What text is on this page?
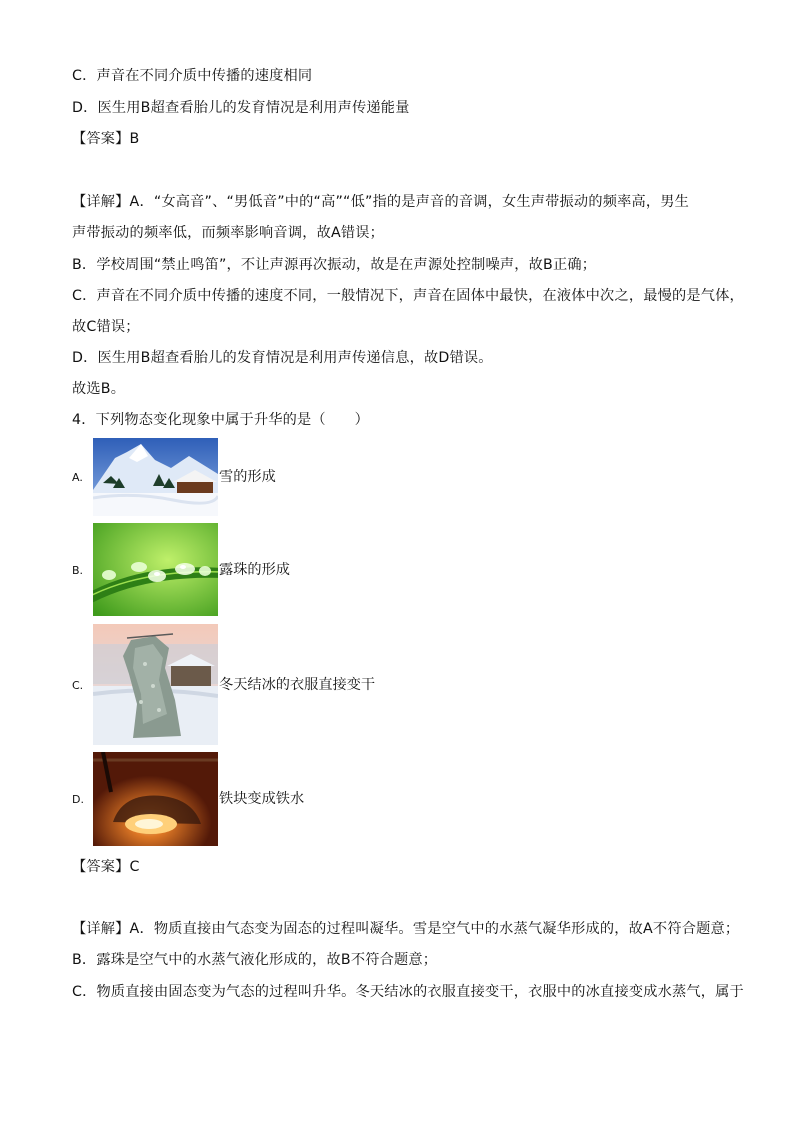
C．声音在不同介质中传播的速度相同
D．医生用B超查看胎儿的发育情况是利用声传递能量
【答案】B
【详解】A．“女高音”、“男低音”中的“高”“低”指的是声音的音调，女生声带振动的频率高，男生
声带振动的频率低，而频率影响音调，故A错误；
B．学校周围“禁止鸣笛”，不让声源再次振动，故是在声源处控制噪声，故B正确；
C．声音在不同介质中传播的速度不同，一般情况下，声音在固体中最快，在液体中次之，最慢的是气体，
故C错误；
D．医生用B超查看胎儿的发育情况是利用声传递信息，故D错误。
故选B。
4．下列物态变化现象中属于升华的是（　　）
A.	雪的形成
B.	露珠的形成
C.	冬天结冰的衣服直接变干
D.	铁块变成铁水
【答案】C
【详解】A．物质直接由气态变为固态的过程叫凝华。雪是空气中的水蒸气凝华形成的，故A不符合题意；
B．露珠是空气中的水蒸气液化形成的，故B不符合题意；
C．物质直接由固态变为气态的过程叫升华。冬天结冰的衣服直接变干，衣服中的冰直接变成水蒸气，属于
